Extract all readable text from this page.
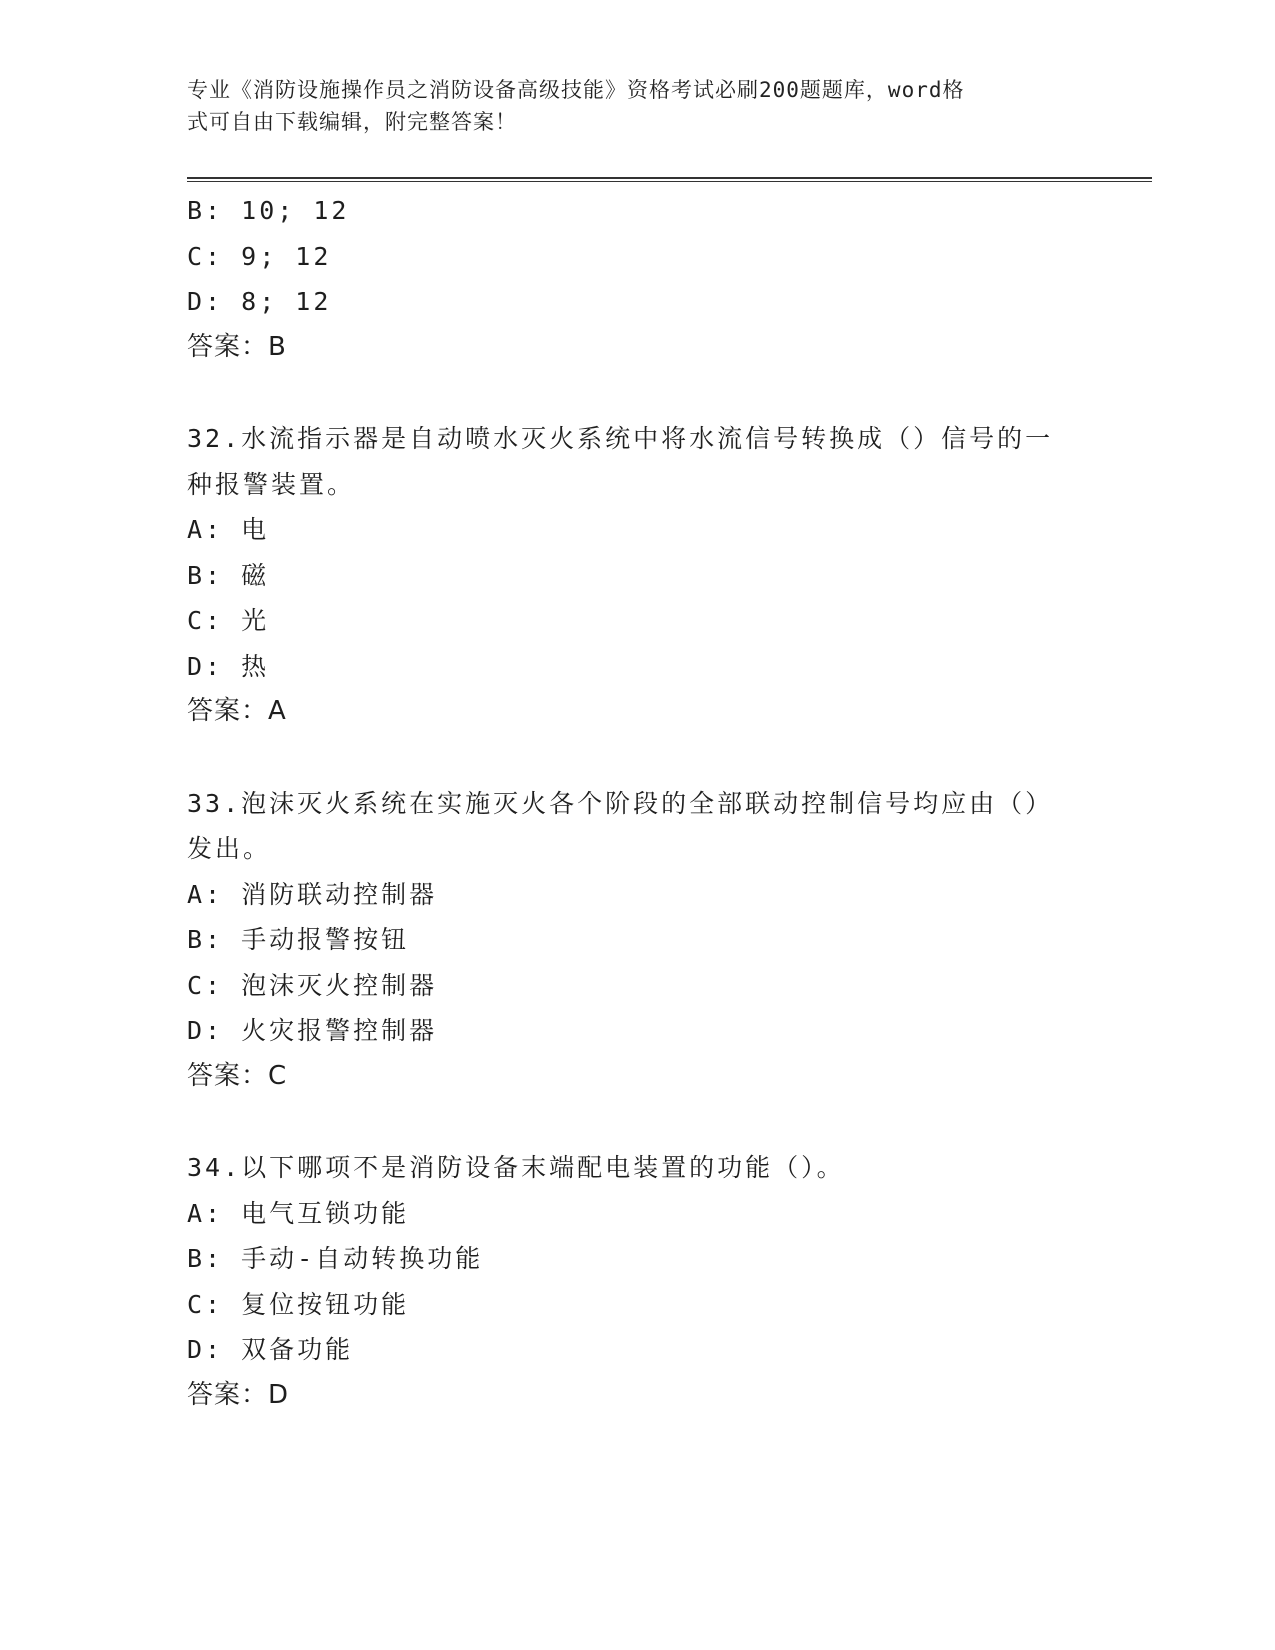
专业《消防设施操作员之消防设备高级技能》资格考试必刷200题题库，word格
式可自由下载编辑，附完整答案！
B: 10; 12
C: 9; 12
D: 8; 12
答案：B
32.水流指示器是自动喷水灭火系统中将水流信号转换成（）信号的一种报警装置。
A: 电
B: 磁
C: 光
D: 热
答案：A
33.泡沫灭火系统在实施灭火各个阶段的全部联动控制信号均应由（）发出。
A: 消防联动控制器
B: 手动报警按钮
C: 泡沫灭火控制器
D: 火灾报警控制器
答案：C
34.以下哪项不是消防设备末端配电装置的功能（）。
A: 电气互锁功能
B: 手动-自动转换功能
C: 复位按钮功能
D: 双备功能
答案：D
